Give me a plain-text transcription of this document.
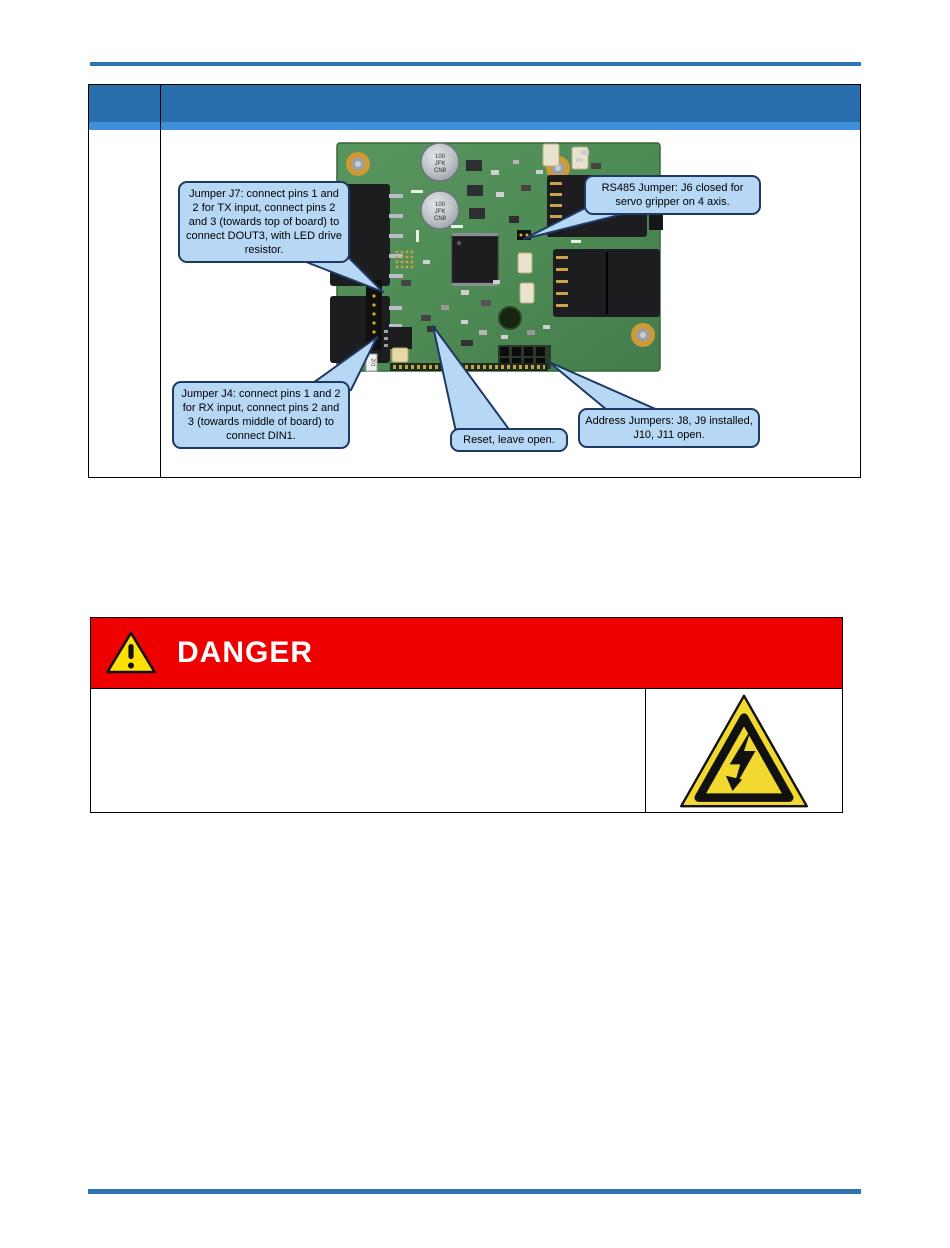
100
JFK
CN8
100
JFK
CN8
201
Jumper J7: connect pins 1 and 2 for TX input, connect pins 2 and 3 (towards top of board) to connect DOUT3, with LED drive resistor.
RS485 Jumper: J6 closed for servo gripper on 4 axis.
Jumper J4: connect pins 1 and 2 for RX input, connect pins 2 and 3 (towards middle of board) to connect DIN1.	Reset, leave open.
Address Jumpers: J8, J9 installed, J10, J11 open.
DANGER
